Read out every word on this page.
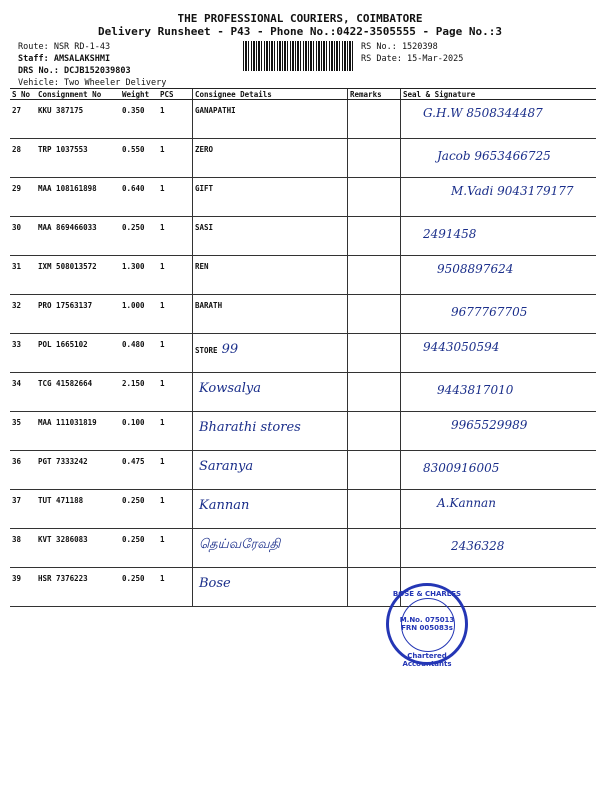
THE PROFESSIONAL COURIERS, COIMBATORE
Delivery Runsheet - P43 - Phone No.:0422-3505555 - Page No.:3
Route: NSR RD-1-43
Staff: AMSALAKSHMI
DRS No.: DCJB152039803
Vehicle: Two Wheeler Delivery
RS No.: 1520398
RS Date: 15-Mar-2025
S No	Consignment No	Weight	PCS	Consignee Details	Remarks	Seal & Signature
27	KKU 387175	0.350	1	GANAPATHI		G.H.W 8508344487
28	TRP 1037553	0.550	1	ZERO		Jacob 9653466725
29	MAA 108161898	0.640	1	GIFT		M.Vadi 9043179177
30	MAA 869466033	0.250	1	SASI		2491458
31	IXM 508013572	1.300	1	REN		9508897624
32	PRO 17563137	1.000	1	BARATH		9677767705
33	POL 1665102	0.480	1	STORE 99		9443050594
34	TCG 41582664	2.150	1	Kowsalya		9443817010
35	MAA 111031819	0.100	1	Bharathi stores		9965529989
36	PGT 7333242	0.475	1	Saranya		8300916005
37	TUT 471188	0.250	1	Kannan		A.Kannan
38	KVT 3286083	0.250	1	தெய்வரேவதி		2436328
39	HSR 7376223	0.250	1	Bose		
BOSE & CHARLES
M.No. 075013
FRN 005083s
Chartered Accountants
